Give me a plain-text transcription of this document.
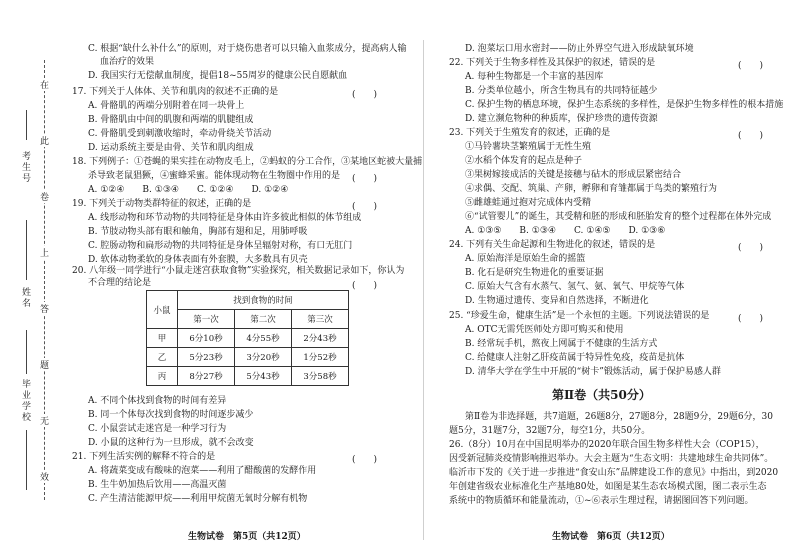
在
此
卷
上
答
题
无
效
考生号
姓名
毕业学校
C. 根据“缺什么补什么”的原则，对于烧伤患者可以只输入血浆成分，提高病人输
血治疗的效果
D. 我国实行无偿献血制度，提倡18~55周岁的健康公民自愿献血
17. 下列关于人体体、关节和肌肉的叙述不正确的是	(　　)
A. 骨骼肌的两端分别附着在同一块骨上
B. 骨骼肌由中间的肌腹和两端的肌腱组成
C. 骨骼肌受到刺激收缩时，牵动骨绕关节活动
D. 运动系统主要是由骨、关节和肌肉组成
18. 下列例子：①苍蝇的果实挂在动物皮毛上，②蚂蚁的分工合作，③某地区蛇被大量捕
杀导致老鼠猖獗，④蜜蜂采蜜。能体现动物在生物圈中作用的是 (　　)
A. ①②④　　B. ①③④　　C. ①②④　　D. ①②④
19. 下列关于动物类群特征的叙述，正确的是	(　　)
A. 线形动物和环节动物的共同特征是身体由许多彼此相似的体节组成
B. 节肢动物头部有眼和触角，胸部有翅和足，用肺呼吸
C. 腔肠动物和扁形动物的共同特征是身体呈辐射对称，有口无肛门
D. 软体动物柔软的身体表面有外套膜，大多数具有贝壳
20. 八年级一同学进行“小鼠走迷宫获取食物”实验探究，相关数据记录如下，你认为
不合理的结论是	(　　)
小鼠	找到食物的时间		
	第一次	第二次	第三次
甲	6分10秒	4分55秒	2分43秒
乙	5分23秒	3分20秒	1分52秒
丙	8分27秒	5分43秒	3分58秒
A. 不同个体找到食物的时间有差异
B. 同一个体每次找到食物的时间逐步减少
C. 小鼠尝试走迷宫是一种学习行为
D. 小鼠的这种行为一旦形成，就不会改变
21. 下列生活实例的解释不符合的是	(　　)
A. 将蔬菜变成有酸味的泡菜——利用了醋酸菌的发酵作用
B. 生牛奶加热后饮用——高温灭菌
C. 产生清洁能源甲烷——利用甲烷菌无氧时分解有机物
生物试卷　第5页（共12页）
D. 泡菜坛口用水密封——防止外界空气进入形成缺氧环境
22. 下列关于生物多样性及其保护的叙述，错误的是	(　　)
A. 每种生物都是一个丰富的基因库
B. 分类单位越小，所含生物具有的共同特征越少
C. 保护生物的栖息环境，保护生态系统的多样性，是保护生物多样性的根本措施
D. 建立濒危物种的种质库，保护珍贵的遗传资源
23. 下列关于生殖发育的叙述，正确的是	(　　)
①马铃薯块茎繁殖属于无性生殖
②水稻个体发育的起点是种子
③果树嫁接成活的关键是接穗与砧木的形成层紧密结合
④求偶、交配、筑巢、产卵，孵卵和育雏都属于鸟类的繁殖行为
⑤雌雄蛙通过抱对完成体内受精
⑥“试管婴儿”的诞生，其受精和胚的形成和胚胎发育的整个过程都在体外完成
A. ①③⑤　　B. ①③④　　C. ①④⑤　　D. ①③⑥
24. 下列有关生命起源和生物进化的叙述，错误的是	(　　)
A. 原始海洋是原始生命的摇篮
B. 化石是研究生物进化的重要证据
C. 原始大气含有水蒸气、氢气、氨、氧气、甲烷等气体
D. 生物通过遗传、变异和自然选择，不断进化
25. “珍爱生命，健康生活”是一个永恒的主题。下列说法错误的是	(　　)
A. OTC无需凭医师处方即可购买和使用
B. 经常玩手机，熬夜上网属于不健康的生活方式
C. 给健康人注射乙肝疫苗属于特异性免疫，疫苗是抗体
D. 清华大学在学生中开展的“树卡”锻炼活动，属于保护易感人群
第Ⅱ卷（共50分）
第Ⅱ卷为非选择题，共7道题，26题8分，27题8分，28题9分，29题6分，30
题5分，31题7分，32题7分，每空1分，共50分。
26.（8分）10月在中国昆明举办的2020年联合国生物多样性大会（COP15），
因受新冠肺炎疫情影响推迟举办。大会主题为“生态文明：共建地球生命共同体”。
临沂市下发的《关于进一步推进“食安山东”品牌建设工作的意见》中指出，到2020
年创建省级农业标准化生产基地80处，如图是某生态农场模式图，图二表示生态
系统中的物质循环和能量流动，①~⑥表示生理过程，请据图回答下列问题。
生物试卷　第6页（共12页）
